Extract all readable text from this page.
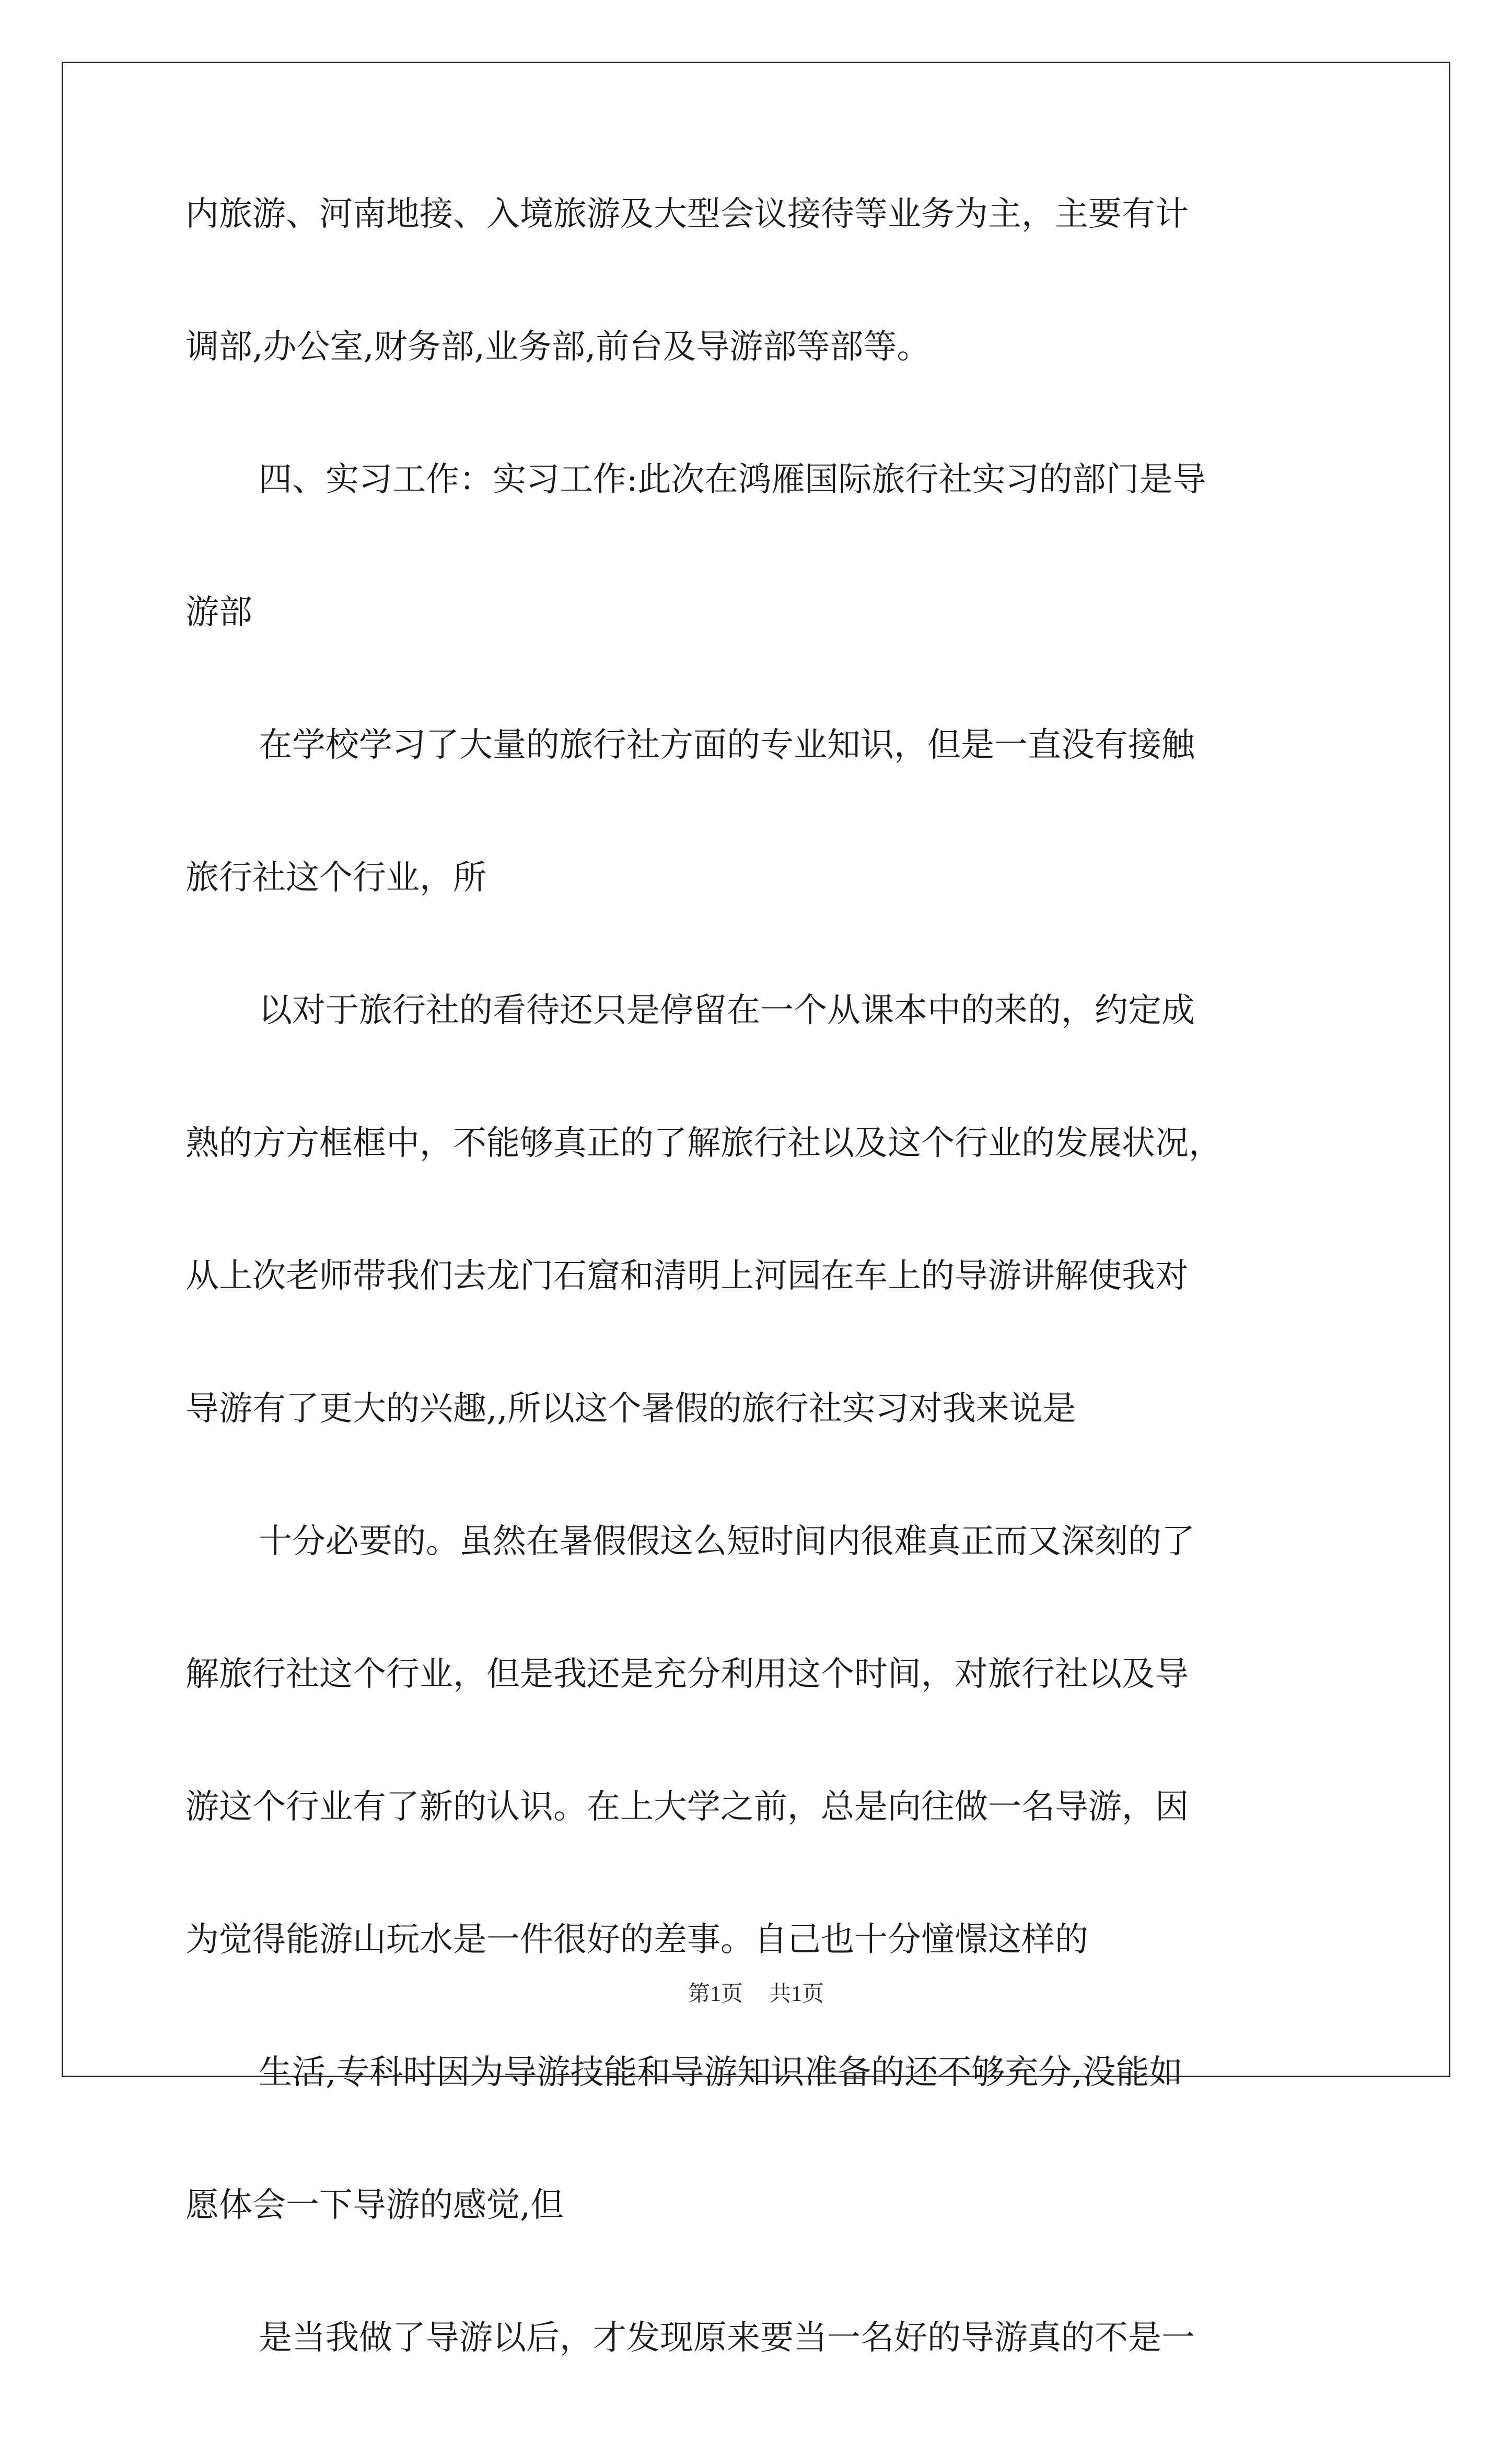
内旅游、河南地接、入境旅游及大型会议接待等业务为主，主要有计
调部,办公室,财务部,业务部,前台及导游部等部等。
四、实习工作：实习工作:此次在鸿雁国际旅行社实习的部门是导
游部
在学校学习了大量的旅行社方面的专业知识，但是一直没有接触
旅行社这个行业，所
以对于旅行社的看待还只是停留在一个从课本中的来的，约定成
熟的方方框框中，不能够真正的了解旅行社以及这个行业的发展状况，
从上次老师带我们去龙门石窟和清明上河园在车上的导游讲解使我对
导游有了更大的兴趣,,所以这个暑假的旅行社实习对我来说是
十分必要的。虽然在暑假假这么短时间内很难真正而又深刻的了
解旅行社这个行业，但是我还是充分利用这个时间，对旅行社以及导
游这个行业有了新的认识。在上大学之前，总是向往做一名导游，因
为觉得能游山玩水是一件很好的差事。自己也十分憧憬这样的
生活,专科时因为导游技能和导游知识准备的还不够充分,没能如
愿体会一下导游的感觉,但
是当我做了导游以后，才发现原来要当一名好的导游真的不是一
第1页 共1页
